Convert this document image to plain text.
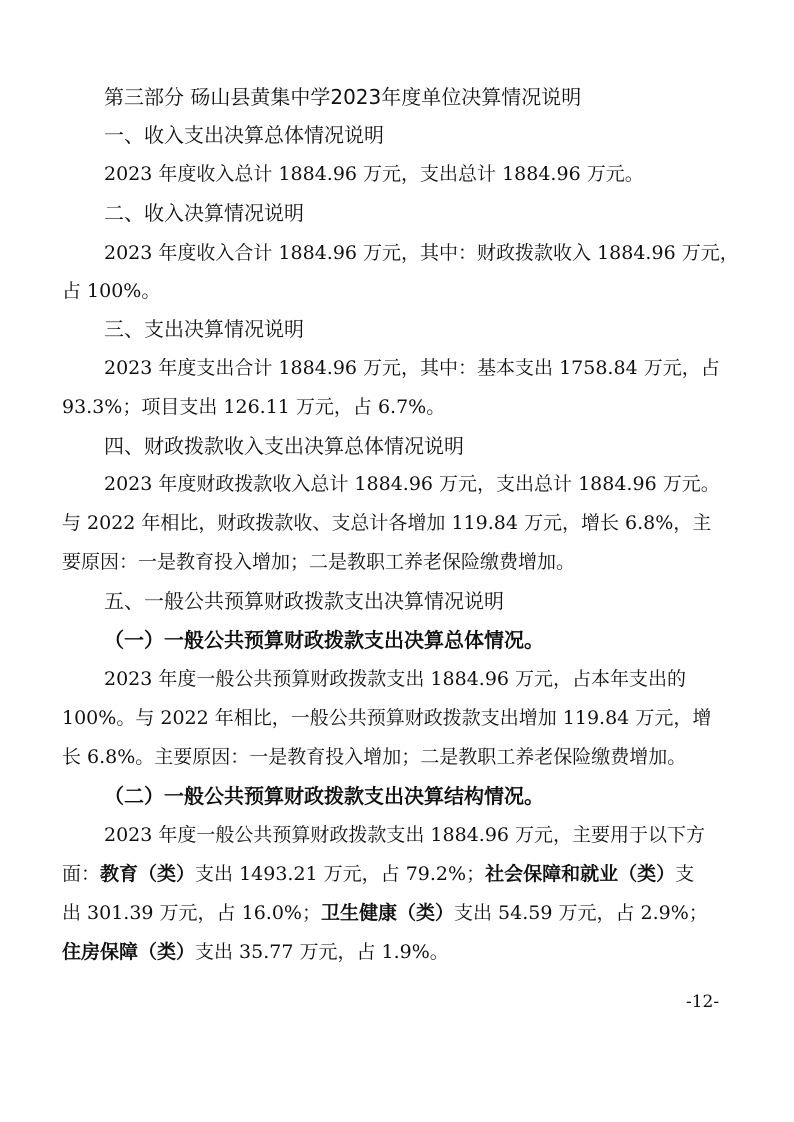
第三部分 砀山县黄集中学2023年度单位决算情况说明
一、收入支出决算总体情况说明
2023 年度收入总计 1884.96 万元，支出总计 1884.96 万元。
二、收入决算情况说明
2023 年度收入合计 1884.96 万元，其中：财政拨款收入 1884.96 万元，
占 100%。
三、支出决算情况说明
2023 年度支出合计 1884.96 万元，其中：基本支出 1758.84 万元，占
93.3%；项目支出 126.11 万元，占 6.7%。
四、财政拨款收入支出决算总体情况说明
2023 年度财政拨款收入总计 1884.96 万元，支出总计 1884.96 万元。
与 2022 年相比，财政拨款收、支总计各增加 119.84 万元，增长 6.8%，主
要原因：一是教育投入增加；二是教职工养老保险缴费增加。
五、一般公共预算财政拨款支出决算情况说明
（一）一般公共预算财政拨款支出决算总体情况。
2023 年度一般公共预算财政拨款支出 1884.96 万元，占本年支出的
100%。与 2022 年相比，一般公共预算财政拨款支出增加 119.84 万元，增
长 6.8%。主要原因：一是教育投入增加；二是教职工养老保险缴费增加。
（二）一般公共预算财政拨款支出决算结构情况。
2023 年度一般公共预算财政拨款支出 1884.96 万元，主要用于以下方
面：教育（类）支出 1493.21 万元，占 79.2%；社会保障和就业（类）支
出 301.39 万元，占 16.0%；卫生健康（类）支出 54.59 万元，占 2.9%；
住房保障（类）支出 35.77 万元，占 1.9%。
-12-
